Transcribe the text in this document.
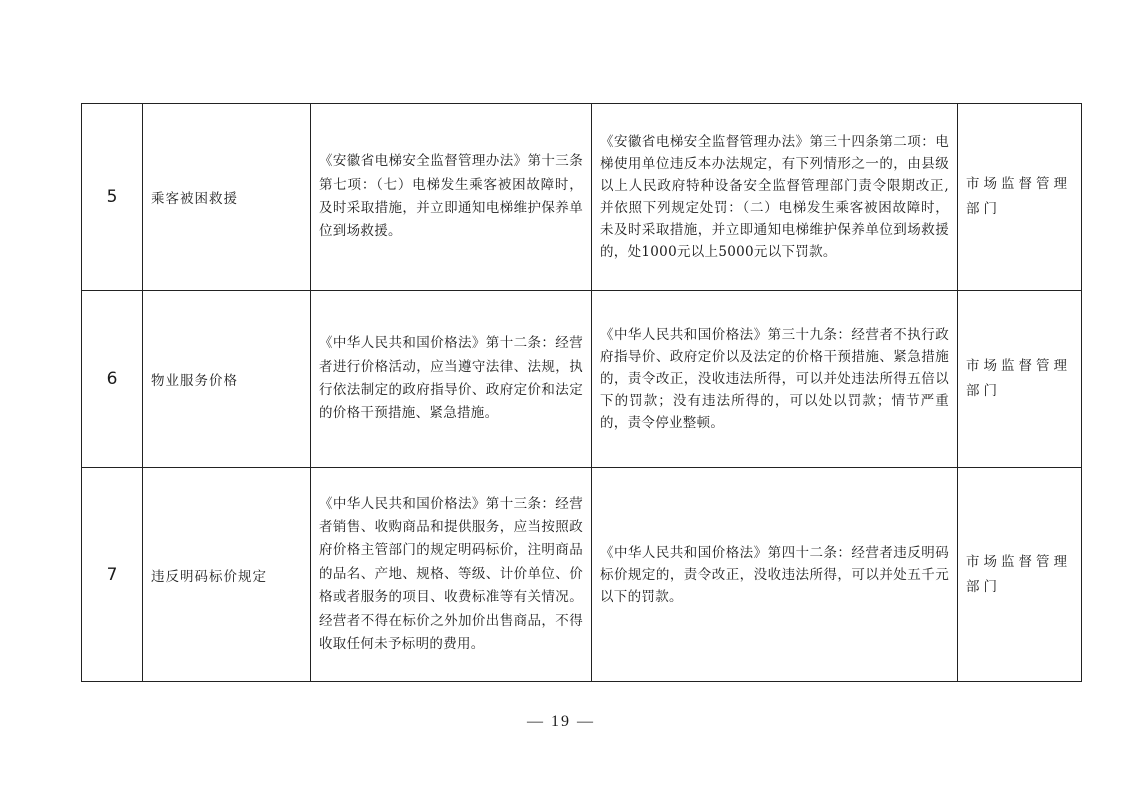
5	乘客被困救援	《安徽省电梯安全监督管理办法》第十三条第七项：（七）电梯发生乘客被困故障时，及时采取措施，并立即通知电梯维护保养单位到场救援。	《安徽省电梯安全监督管理办法》第三十四条第二项：电梯使用单位违反本办法规定，有下列情形之一的，由县级以上人民政府特种设备安全监督管理部门责令限期改正,并依照下列规定处罚：（二）电梯发生乘客被困故障时，未及时采取措施，并立即通知电梯维护保养单位到场救援的，处1000元以上5000元以下罚款。	市场监督管理部门
6	物业服务价格	《中华人民共和国价格法》第十二条：经营者进行价格活动，应当遵守法律、法规，执行依法制定的政府指导价、政府定价和法定的价格干预措施、紧急措施。	《中华人民共和国价格法》第三十九条：经营者不执行政府指导价、政府定价以及法定的价格干预措施、紧急措施的，责令改正，没收违法所得，可以并处违法所得五倍以下的罚款；没有违法所得的，可以处以罚款；情节严重的，责令停业整顿。	市场监督管理部门
7	违反明码标价规定	《中华人民共和国价格法》第十三条：经营者销售、收购商品和提供服务，应当按照政府价格主管部门的规定明码标价，注明商品的品名、产地、规格、等级、计价单位、价格或者服务的项目、收费标准等有关情况。经营者不得在标价之外加价出售商品，不得收取任何未予标明的费用。	《中华人民共和国价格法》第四十二条：经营者违反明码标价规定的，责令改正，没收违法所得，可以并处五千元以下的罚款。	市场监督管理部门
— 19 —
